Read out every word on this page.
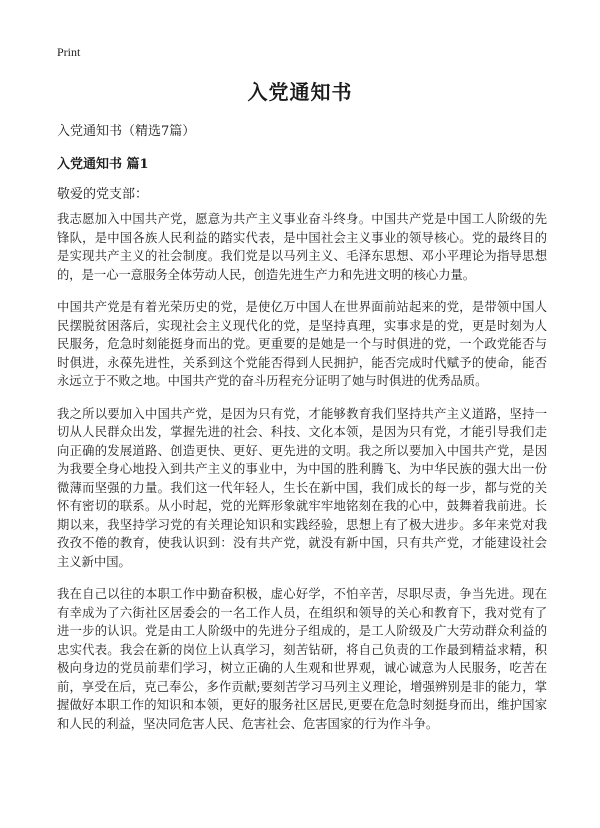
Print
入党通知书
入党通知书（精选7篇）
入党通知书 篇1
敬爱的党支部：

我志愿加入中国共产党，愿意为共产主义事业奋斗终身。中国共产党是中国工人阶级的先锋队，是中国各族人民利益的踏实代表，是中国社会主义事业的领导核心。党的最终目的是实现共产主义的社会制度。我们党是以马列主义、毛泽东思想、邓小平理论为指导思想的，是一心一意服务全体劳动人民，创造先进生产力和先进文明的核心力量。

中国共产党是有着光荣历史的党，是使亿万中国人在世界面前站起来的党，是带领中国人民摆脱贫困落后，实现社会主义现代化的党，是坚持真理，实事求是的党，更是时刻为人民服务，危急时刻能挺身而出的党。更重要的是她是一个与时俱进的党，一个政党能否与时俱进，永葆先进性，关系到这个党能否得到人民拥护，能否完成时代赋予的使命，能否永远立于不败之地。中国共产党的奋斗历程充分证明了她与时俱进的优秀品质。

我之所以要加入中国共产党，是因为只有党，才能够教育我们坚持共产主义道路，坚持一切从人民群众出发，掌握先进的社会、科技、文化本领，是因为只有党，才能引导我们走向正确的发展道路、创造更快、更好、更先进的文明。我之所以要加入中国共产党，是因为我要全身心地投入到共产主义的事业中，为中国的胜利腾飞、为中华民族的强大出一份微薄而坚强的力量。我们这一代年轻人，生长在新中国，我们成长的每一步，都与党的关怀有密切的联系。从小时起，党的光辉形象就牢牢地铭刻在我的心中，鼓舞着我前进。长期以来，我坚持学习党的有关理论知识和实践经验，思想上有了极大进步。多年来党对我孜孜不倦的教育，使我认识到：没有共产党，就没有新中国，只有共产党，才能建设社会主义新中国。

我在自己以往的本职工作中勤奋积极，虚心好学，不怕辛苦，尽职尽责，争当先进。现在有幸成为了六街社区居委会的一名工作人员，在组织和领导的关心和教育下，我对党有了进一步的认识。党是由工人阶级中的先进分子组成的，是工人阶级及广大劳动群众利益的忠实代表。我会在新的岗位上认真学习，刻苦钻研，将自己负责的工作最到精益求精，积极向身边的党员前辈们学习，树立正确的人生观和世界观，诚心诚意为人民服务，吃苦在前，享受在后，克己奉公，多作贡献;要刻苦学习马列主义理论，增强辨别是非的能力，掌握做好本职工作的知识和本领，更好的服务社区居民,更要在危急时刻挺身而出，维护国家和人民的利益，坚决同危害人民、危害社会、危害国家的行为作斗争。
